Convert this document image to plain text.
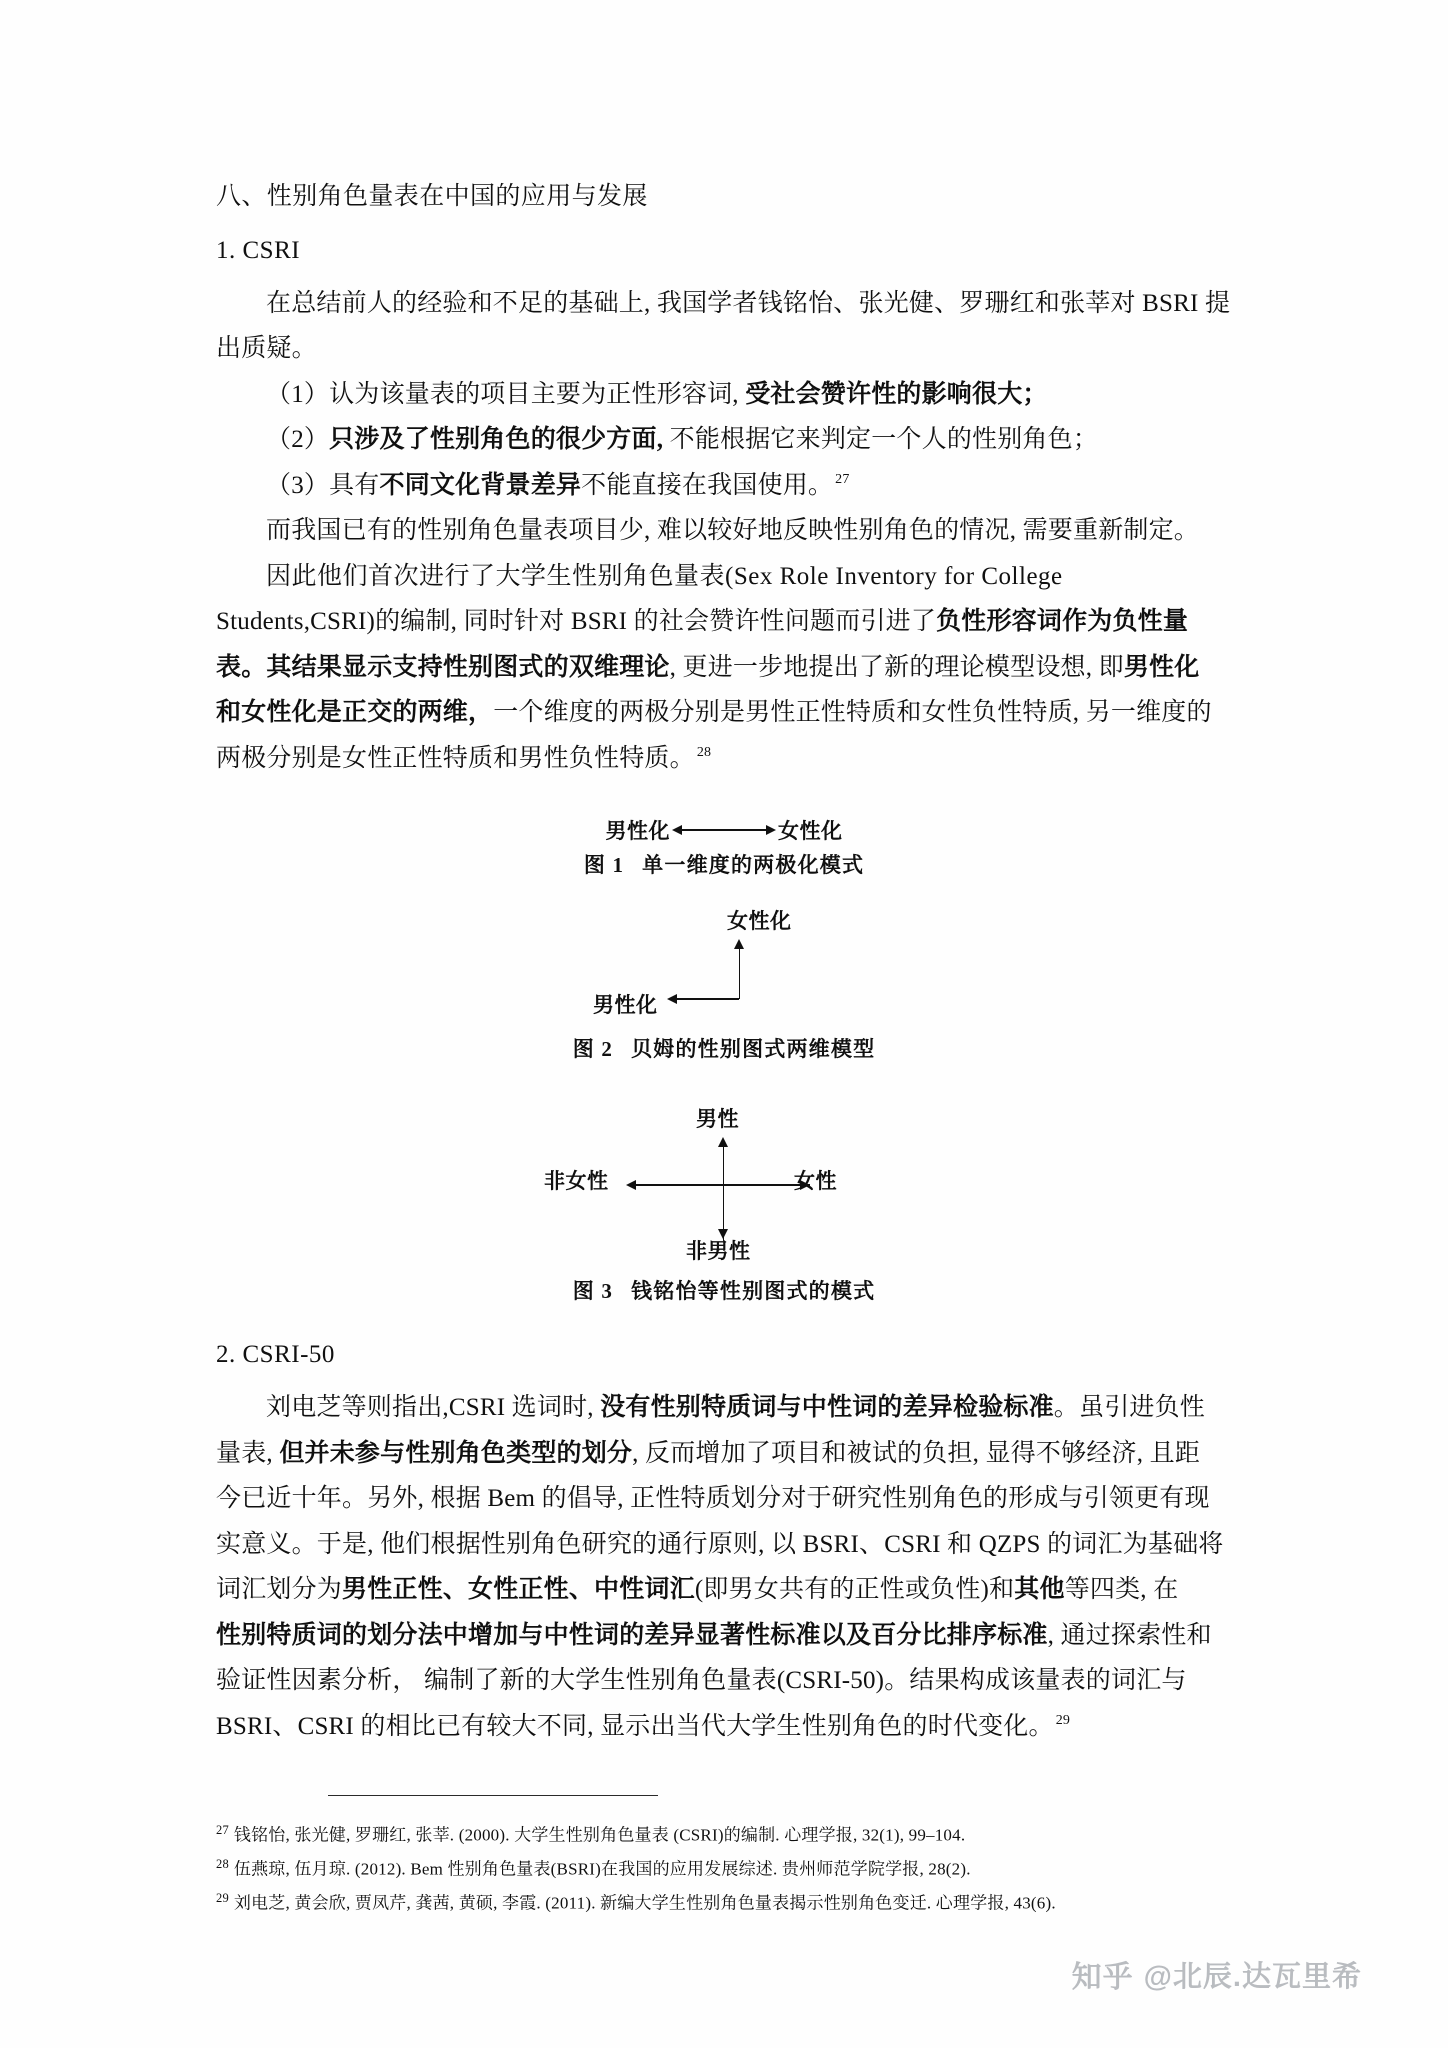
八、性别角色量表在中国的应用与发展

1. CSRI

在总结前人的经验和不足的基础上, 我国学者钱铭怡、张光健、罗珊红和张莘对 BSRI 提

出质疑。

（1）认为该量表的项目主要为正性形容词, 受社会赞许性的影响很大；

（2）只涉及了性别角色的很少方面, 不能根据它来判定一个人的性别角色；

（3）具有不同文化背景差异不能直接在我国使用。 $^{27}$

而我国已有的性别角色量表项目少, 难以较好地反映性别角色的情况, 需要重新制定。

因此他们首次进行了大学生性别角色量表(Sex Role Inventory for College

Students,CSRI)的编制, 同时针对 BSRI 的社会赞许性问题而引进了负性形容词作为负性量

表。其结果显示支持性别图式的双维理论, 更进一步地提出了新的理论模型设想, 即男性化

和女性化是正交的两维，一个维度的两极分别是男性正性特质和女性负性特质, 另一维度的

两极分别是女性正性特质和男性负性特质。 $^{28}$

男性化	女性化
图 1 单一维度的两极化模式
女性化
男性化
图 2 贝姆的性别图式两维模型
男性
非女性	女性
非男性
图 3 钱铭怡等性别图式的模式

2. CSRI-50

刘电芝等则指出,CSRI 选词时, 没有性别特质词与中性词的差异检验标准。虽引进负性

量表, 但并未参与性别角色类型的划分, 反而增加了项目和被试的负担, 显得不够经济, 且距

今已近十年。另外, 根据 Bem 的倡导, 正性特质划分对于研究性别角色的形成与引领更有现

实意义。于是, 他们根据性别角色研究的通行原则, 以 BSRI、CSRI 和 QZPS 的词汇为基础将

词汇划分为男性正性、女性正性、中性词汇(即男女共有的正性或负性)和其他等四类, 在

性别特质词的划分法中增加与中性词的差异显著性标准以及百分比排序标准, 通过探索性和

验证性因素分析， 编制了新的大学生性别角色量表(CSRI-50)。结果构成该量表的词汇与

BSRI、CSRI 的相比已有较大不同, 显示出当代大学生性别角色的时代变化。 $^{29}$

$^{27}$ 钱铭怡, 张光健, 罗珊红, 张莘. (2000). 大学生性别角色量表 (CSRI)的编制. 心理学报, 32(1), 99–104.

$^{28}$ 伍燕琼, 伍月琼. (2012). Bem 性别角色量表(BSRI)在我国的应用发展综述. 贵州师范学院学报, 28(2).

$^{29}$ 刘电芝, 黄会欣, 贾凤芹, 龚茜, 黄硕, 李霞. (2011). 新编大学生性别角色量表揭示性别角色变迁. 心理学报, 43(6).

知乎 @北辰.达瓦里希
